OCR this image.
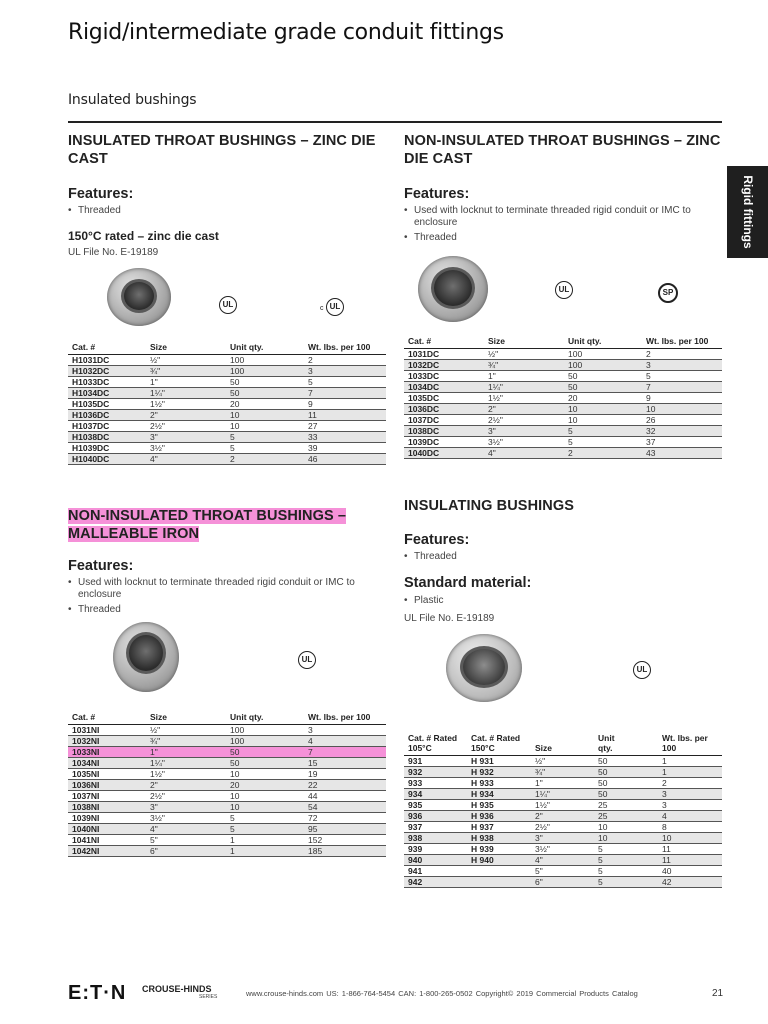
Rigid/intermediate grade conduit fittings
Insulated bushings
Rigid fittings
INSULATED THROAT BUSHINGS – ZINC DIE CAST
Features:
• Threaded
150°C rated – zinc die cast
UL File No. E-19189
UL	c UL
Cat. #	Size	Unit qty.	Wt. lbs. per 100
H1031DC	½"	100	2
H1032DC	¾"	100	3
H1033DC	1"	50	5
H1034DC	1¼"	50	7
H1035DC	1½"	20	9
H1036DC	2"	10	11
H1037DC	2½"	10	27
H1038DC	3"	5	33
H1039DC	3½"	5	39
H1040DC	4"	2	46
NON-INSULATED THROAT BUSHINGS – ZINC DIE CAST
Features:
• Used with locknut to terminate threaded rigid conduit or IMC to enclosure
• Threaded
UL	SP
Cat. #	Size	Unit qty.	Wt. lbs. per 100
1031DC	½"	100	2
1032DC	¾"	100	3
1033DC	1"	50	5
1034DC	1¼"	50	7
1035DC	1½"	20	9
1036DC	2"	10	10
1037DC	2½"	10	26
1038DC	3"	5	32
1039DC	3½"	5	37
1040DC	4"	2	43
NON-INSULATED THROAT BUSHINGS –
MALLEABLE IRON
Features:
• Used with locknut to terminate threaded rigid conduit or IMC to enclosure
• Threaded
UL
Cat. #	Size	Unit qty.	Wt. lbs. per 100
1031NI	½"	100	3
1032NI	¾"	100	4
1033NI	1"	50	7
1034NI	1¼"	50	15
1035NI	1½"	10	19
1036NI	2"	20	22
1037NI	2½"	10	44
1038NI	3"	10	54
1039NI	3½"	5	72
1040NI	4"	5	95
1041NI	5"	1	152
1042NI	6"	1	185
INSULATING BUSHINGS
Features:
• Threaded
Standard material:
• Plastic
UL File No. E-19189
UL
Cat. # Rated 105°C	Cat. # Rated 150°C	Size	Unit qty.	Wt. lbs. per 100
931	H 931	½"	50	1
932	H 932	¾"	50	1
933	H 933	1"	50	2
934	H 934	1¼"	50	3
935	H 935	1½"	25	3
936	H 936	2"	25	4
937	H 937	2½"	10	8
938	H 938	3"	10	10
939	H 939	3½"	5	11
940	H 940	4"	5	11
941		5"	5	40
942		6"	5	42
E:T·N CROUSE-HINDS
SERIES	www.crouse-hinds.com US: 1-866-764-5454 CAN: 1-800-265-0502 Copyright© 2019 Commercial Products Catalog	21
